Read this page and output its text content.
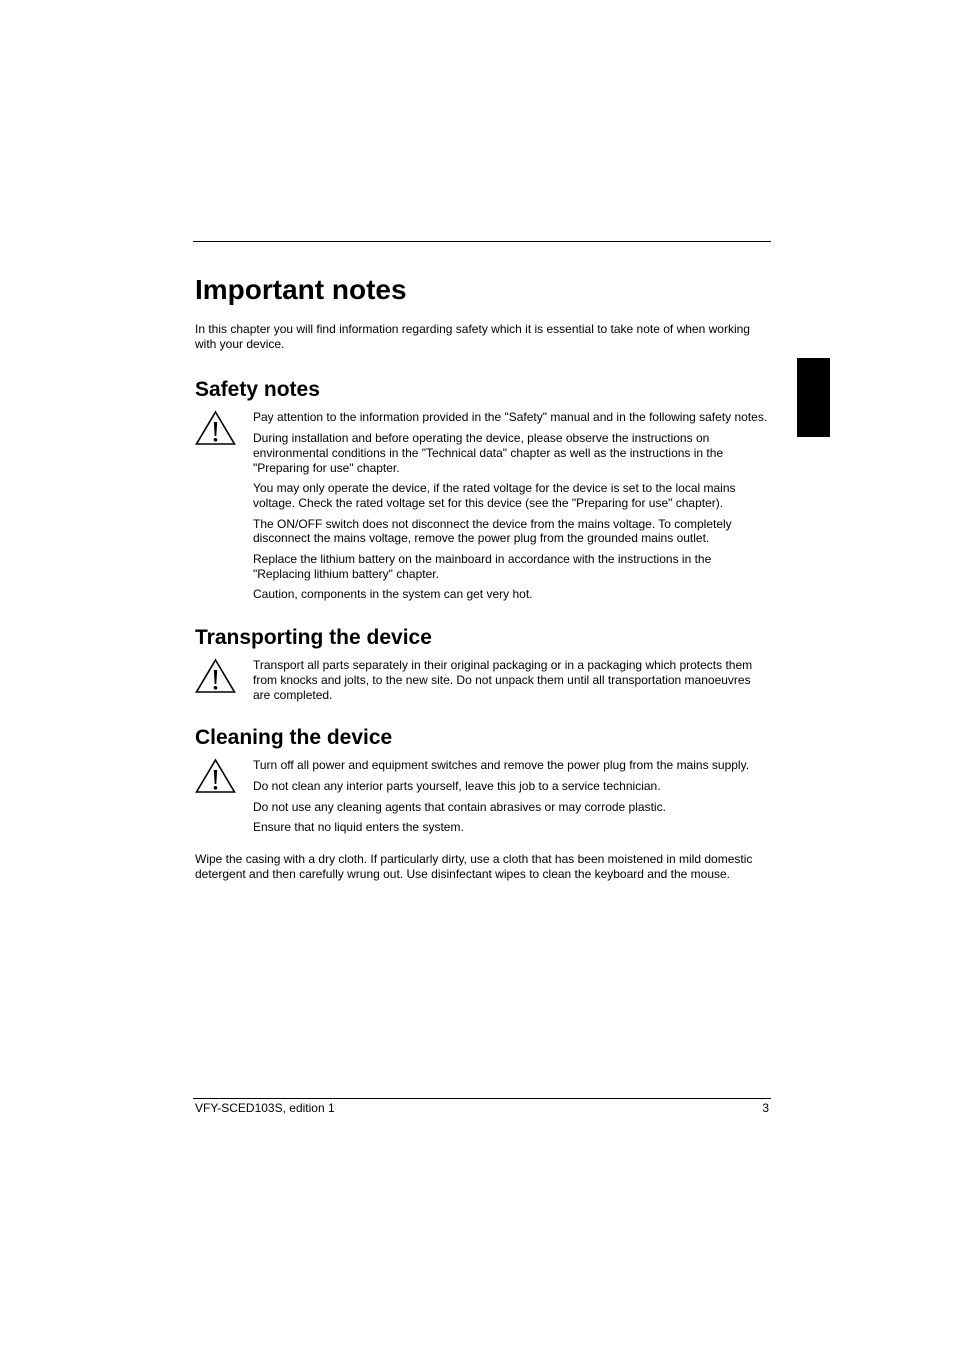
Important notes

In this chapter you will find information regarding safety which it is essential to take note of when working with your device.

Safety notes

Pay attention to the information provided in the "Safety" manual and in the following safety notes.

During installation and before operating the device, please observe the instructions on environmental conditions in the "Technical data" chapter as well as the instructions in the "Preparing for use" chapter.

You may only operate the device, if the rated voltage for the device is set to the local mains voltage. Check the rated voltage set for this device (see the "Preparing for use" chapter).

The ON/OFF switch does not disconnect the device from the mains voltage. To completely disconnect the mains voltage, remove the power plug from the grounded mains outlet.

Replace the lithium battery on the mainboard in accordance with the instructions in the "Replacing lithium battery" chapter.

Caution, components in the system can get very hot.

Transporting the device

Transport all parts separately in their original packaging or in a packaging which protects them from knocks and jolts, to the new site. Do not unpack them until all transportation manoeuvres are completed.

Cleaning the device

Turn off all power and equipment switches and remove the power plug from the mains supply.

Do not clean any interior parts yourself, leave this job to a service technician.

Do not use any cleaning agents that contain abrasives or may corrode plastic.

Ensure that no liquid enters the system.

Wipe the casing with a dry cloth. If particularly dirty, use a cloth that has been moistened in mild domestic detergent and then carefully wrung out. Use disinfectant wipes to clean the keyboard and the mouse.

VFY-SCED103S, edition 1	3
